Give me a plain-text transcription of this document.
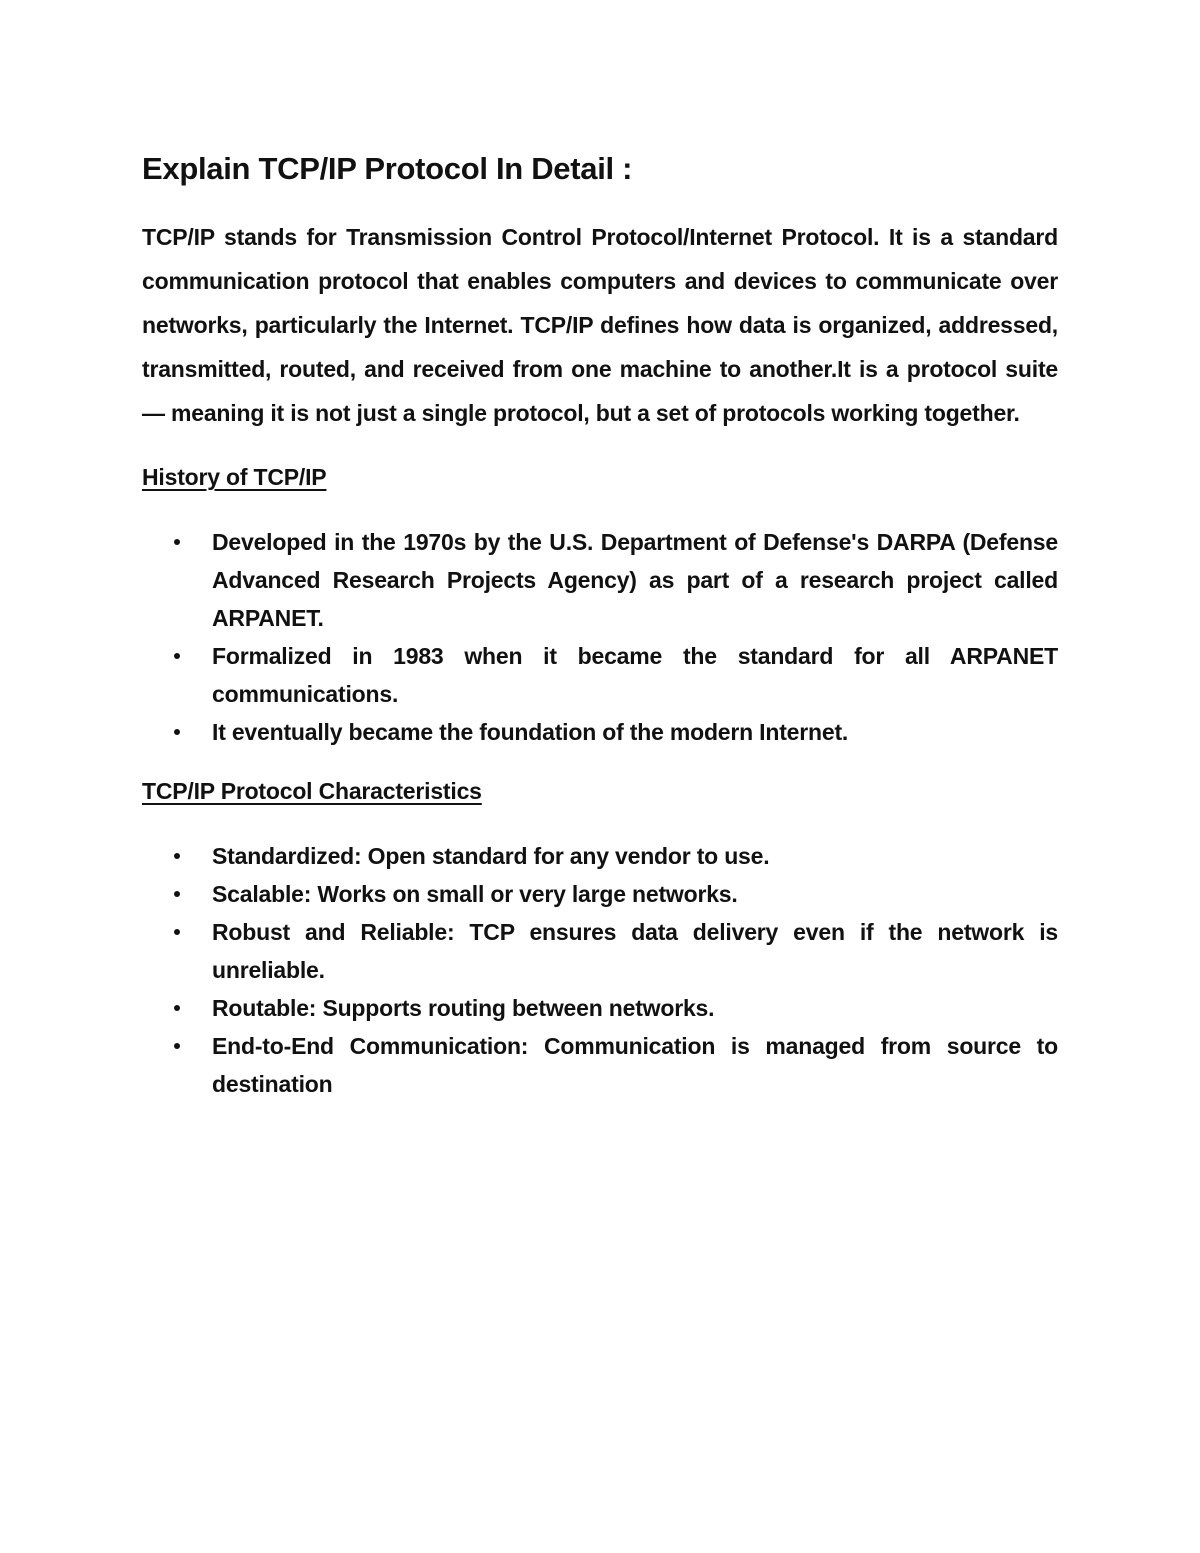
Explain TCP/IP Protocol In Detail :

TCP/IP stands for Transmission Control Protocol/Internet Protocol. It is a standard communication protocol that enables computers and devices to communicate over networks, particularly the Internet. TCP/IP defines how data is organized, addressed, transmitted, routed, and received from one machine to another.It is a protocol suite — meaning it is not just a single protocol, but a set of protocols working together.

History of TCP/IP
Developed in the 1970s by the U.S. Department of Defense's DARPA (Defense Advanced Research Projects Agency) as part of a research project called ARPANET.
Formalized in 1983 when it became the standard for all ARPANET communications.
It eventually became the foundation of the modern Internet.
TCP/IP Protocol Characteristics
Standardized: Open standard for any vendor to use.
Scalable: Works on small or very large networks.
Robust and Reliable: TCP ensures data delivery even if the network is unreliable.
Routable: Supports routing between networks.
End-to-End Communication: Communication is managed from source to destination
